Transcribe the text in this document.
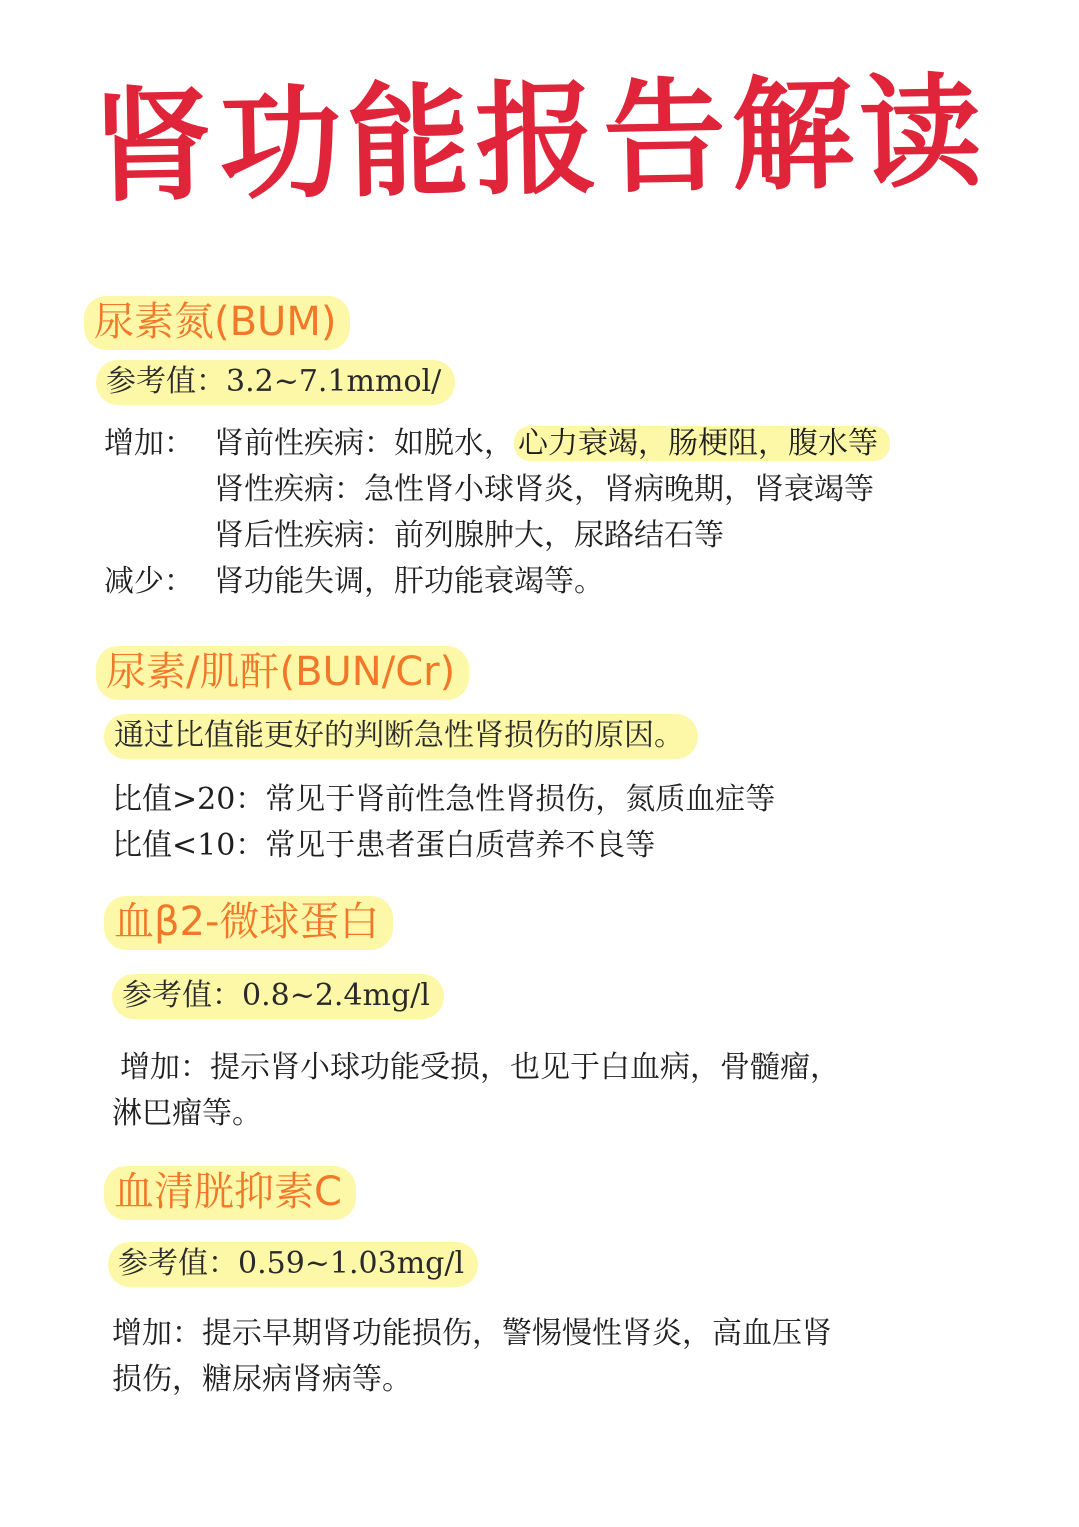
肾功能报告解读
尿素氮(BUM)
参考值：3.2~7.1mmol/
增加： 肾前性疾病：如脱水， 心力衰竭，肠梗阻，腹水等
肾性疾病：急性肾小球肾炎，肾病晚期，肾衰竭等
肾后性疾病：前列腺肿大，尿路结石等
减少： 肾功能失调，肝功能衰竭等。
尿素/肌酐(BUN/Cr)
通过比值能更好的判断急性肾损伤的原因。
比值>20：常见于肾前性急性肾损伤，氮质血症等
比值<10：常见于患者蛋白质营养不良等
血β2-微球蛋白
参考值：0.8~2.4mg/l
增加：提示肾小球功能受损，也见于白血病，骨髓瘤，
淋巴瘤等。
血清胱抑素C
参考值：0.59~1.03mg/l
增加：提示早期肾功能损伤，警惕慢性肾炎，高血压肾
损伤，糖尿病肾病等。
